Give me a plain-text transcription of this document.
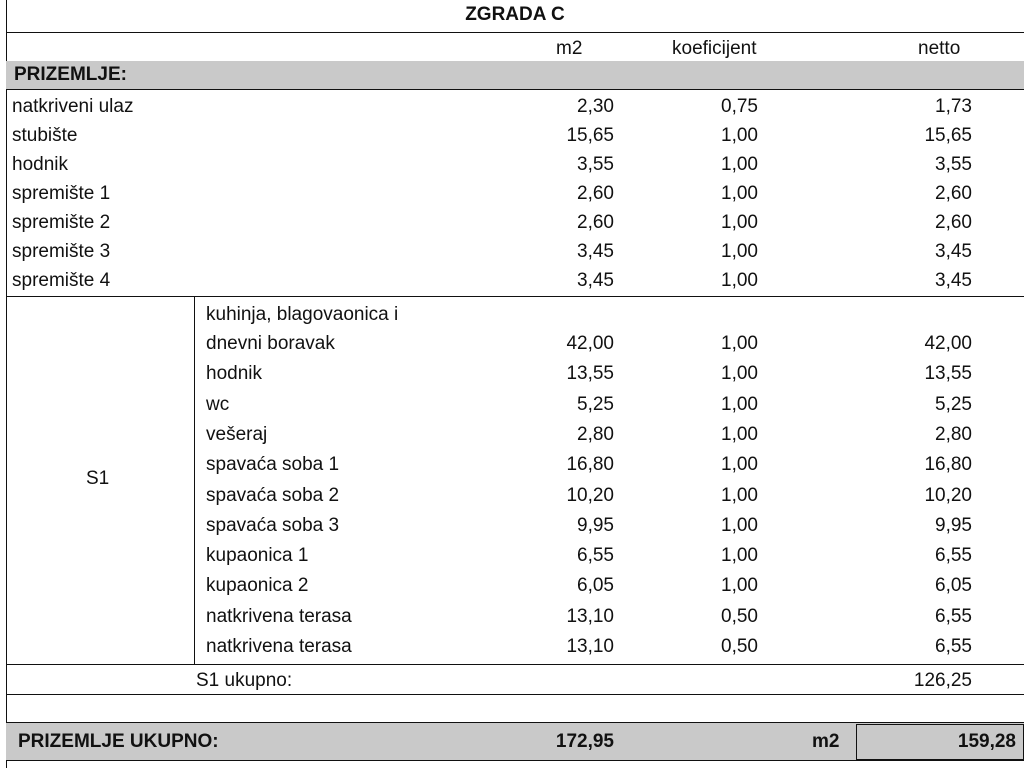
ZGRADA C
m2	koeficijent	netto
PRIZEMLJE:
natkriveni ulaz	2,30	0,75	1,73
stubište	15,65	1,00	15,65
hodnik	3,55	1,00	3,55
spremište 1	2,60	1,00	2,60
spremište 2	2,60	1,00	2,60
spremište 3	3,45	1,00	3,45
spremište 4	3,45	1,00	3,45
S1
kuhinja, blagovaonica i
dnevni boravak	42,00	1,00	42,00
hodnik	13,55	1,00	13,55
wc	5,25	1,00	5,25
vešeraj	2,80	1,00	2,80
spavaća soba 1	16,80	1,00	16,80
spavaća soba 2	10,20	1,00	10,20
spavaća soba 3	9,95	1,00	9,95
kupaonica 1	6,55	1,00	6,55
kupaonica 2	6,05	1,00	6,05
natkrivena terasa	13,10	0,50	6,55
natkrivena terasa	13,10	0,50	6,55
S1 ukupno:	126,25
PRIZEMLJE UKUPNO:	172,95	m2	159,28
